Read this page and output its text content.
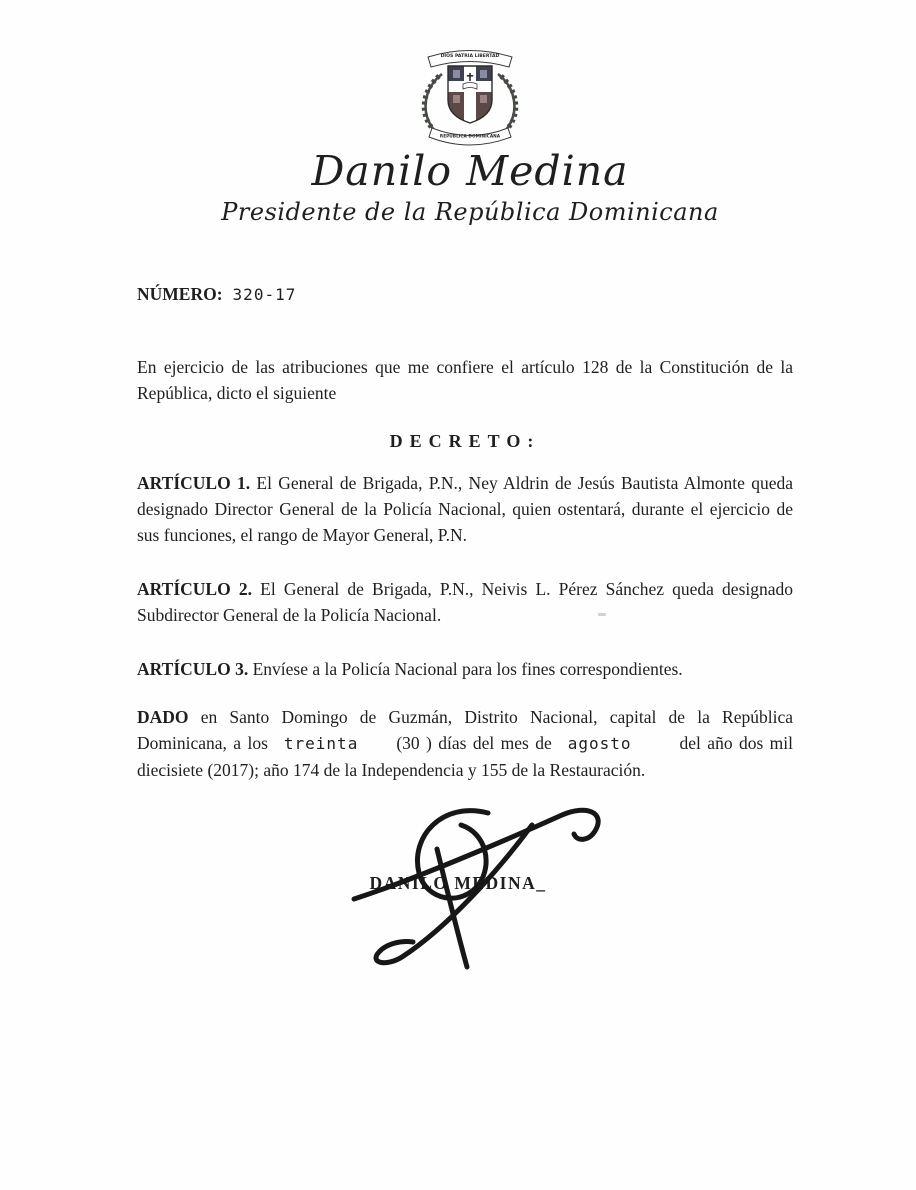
DIOS PATRIA LIBERTAD
REPÚBLICA DOMINICANA
Danilo Medina
Presidente de la República Dominicana

NÚMERO: 320-17

En ejercicio de las atribuciones que me confiere el artículo 128 de la Constitución de la República, dicto el siguiente

DECRETO:

ARTÍCULO 1. El General de Brigada, P.N., Ney Aldrin de Jesús Bautista Almonte queda designado Director General de la Policía Nacional, quien ostentará, durante el ejercicio de sus funciones, el rango de Mayor General, P.N.

ARTÍCULO 2. El General de Brigada, P.N., Neivis L. Pérez Sánchez queda designado Subdirector General de la Policía Nacional.

ARTÍCULO 3. Envíese a la Policía Nacional para los fines correspondientes.

DADO en Santo Domingo de Guzmán, Distrito Nacional, capital de la República Dominicana, a los treinta (30 ) días del mes de agosto	del año dos mil diecisiete (2017); año 174 de la Independencia y 155 de la Restauración.

DANILO MEDINA_
